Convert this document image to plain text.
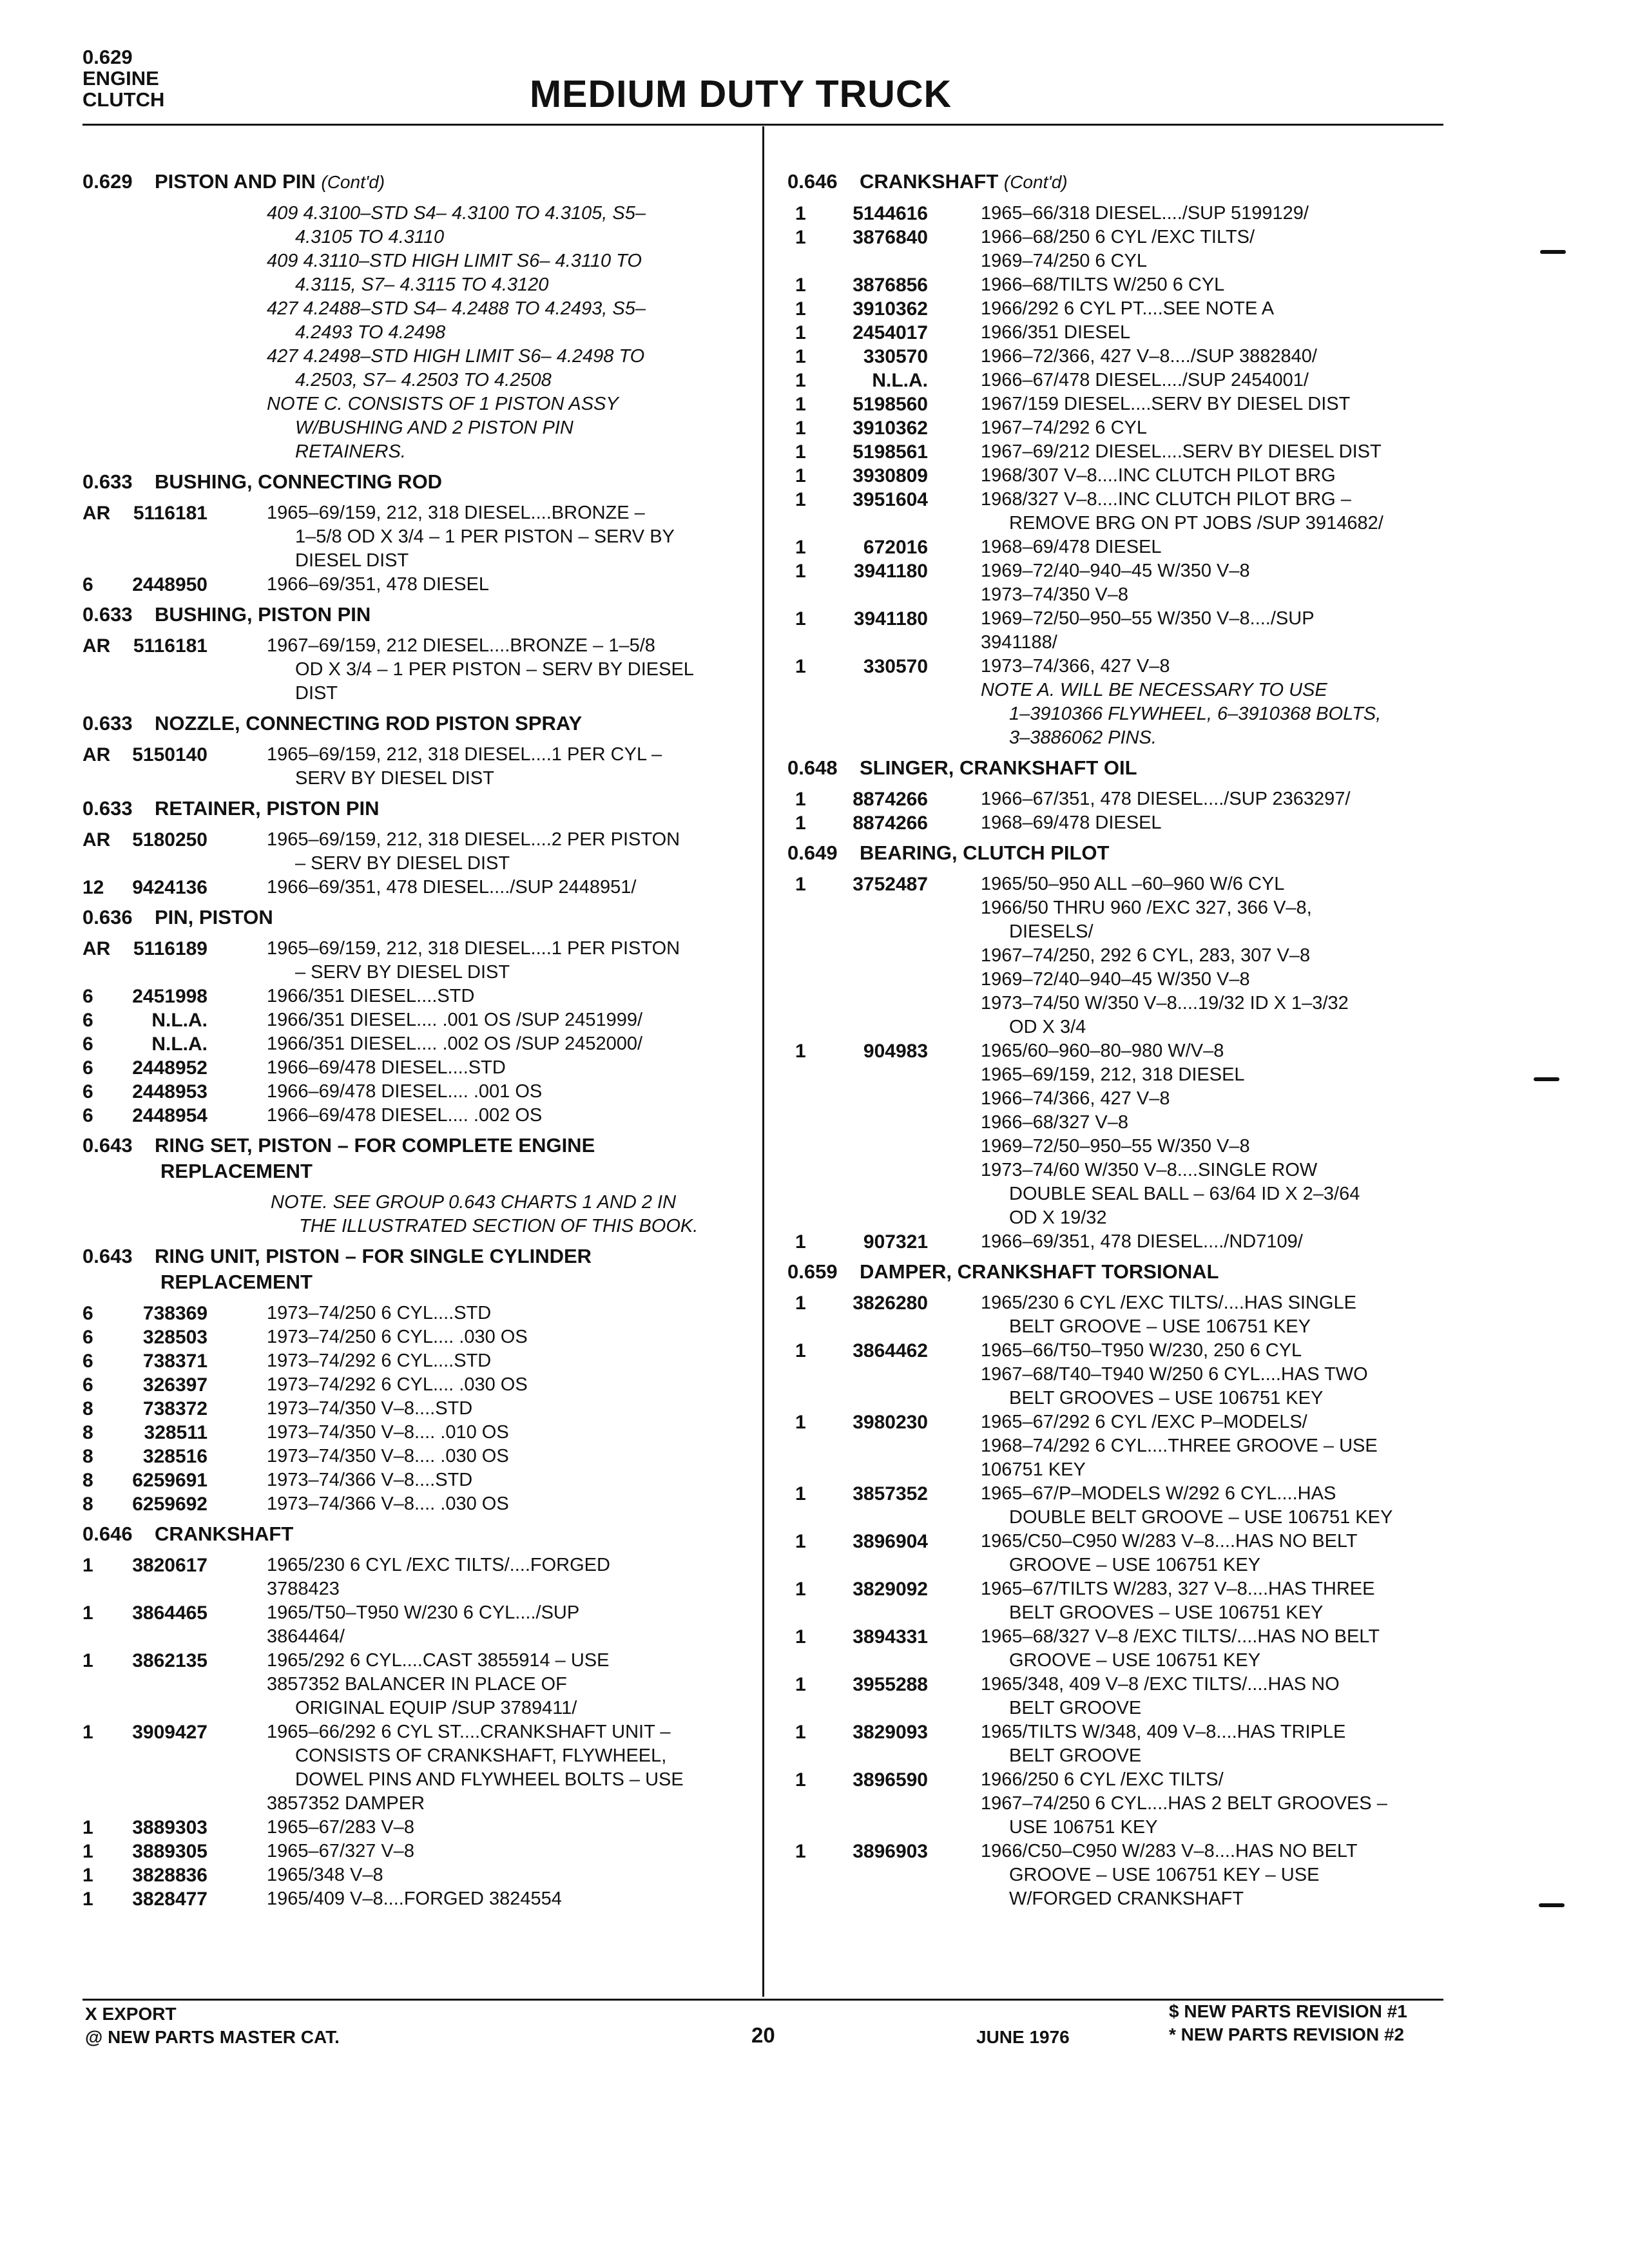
0.629
ENGINE
CLUTCH	MEDIUM DUTY TRUCK
0.629 PISTON AND PIN (Cont'd)
409 4.3100–STD S4– 4.3100 TO 4.3105, S5–
4.3105 TO 4.3110
409 4.3110–STD HIGH LIMIT S6– 4.3110 TO
4.3115, S7– 4.3115 TO 4.3120
427 4.2488–STD S4– 4.2488 TO 4.2493, S5–
4.2493 TO 4.2498
427 4.2498–STD HIGH LIMIT S6– 4.2498 TO
4.2503, S7– 4.2503 TO 4.2508
NOTE C. CONSISTS OF 1 PISTON ASSY
W/BUSHING AND 2 PISTON PIN
RETAINERS.
0.633 BUSHING, CONNECTING ROD
AR	5116181	1965–69/159, 212, 318 DIESEL....BRONZE –
1–5/8 OD X 3/4 – 1 PER PISTON – SERV BY
DIESEL DIST
6	2448950	1966–69/351, 478 DIESEL
0.633 BUSHING, PISTON PIN
AR	5116181	1967–69/159, 212 DIESEL....BRONZE – 1–5/8
OD X 3/4 – 1 PER PISTON – SERV BY DIESEL
DIST
0.633 NOZZLE, CONNECTING ROD PISTON SPRAY
AR	5150140	1965–69/159, 212, 318 DIESEL....1 PER CYL –
SERV BY DIESEL DIST
0.633 RETAINER, PISTON PIN
AR	5180250	1965–69/159, 212, 318 DIESEL....2 PER PISTON
– SERV BY DIESEL DIST
12	9424136	1966–69/351, 478 DIESEL..../SUP 2448951/
0.636 PIN, PISTON
AR	5116189	1965–69/159, 212, 318 DIESEL....1 PER PISTON
– SERV BY DIESEL DIST
6	2451998	1966/351 DIESEL....STD
6	N.L.A.	1966/351 DIESEL.... .001 OS /SUP 2451999/
6	N.L.A.	1966/351 DIESEL.... .002 OS /SUP 2452000/
6	2448952	1966–69/478 DIESEL....STD
6	2448953	1966–69/478 DIESEL.... .001 OS
6	2448954	1966–69/478 DIESEL.... .002 OS
0.643 RING SET, PISTON – FOR COMPLETE ENGINE
REPLACEMENT
NOTE. SEE GROUP 0.643 CHARTS 1 AND 2 IN
THE ILLUSTRATED SECTION OF THIS BOOK.
0.643 RING UNIT, PISTON – FOR SINGLE CYLINDER
REPLACEMENT
6	738369	1973–74/250 6 CYL....STD
6	328503	1973–74/250 6 CYL.... .030 OS
6	738371	1973–74/292 6 CYL....STD
6	326397	1973–74/292 6 CYL.... .030 OS
8	738372	1973–74/350 V–8....STD
8	328511	1973–74/350 V–8.... .010 OS
8	328516	1973–74/350 V–8.... .030 OS
8	6259691	1973–74/366 V–8....STD
8	6259692	1973–74/366 V–8.... .030 OS
0.646 CRANKSHAFT
1	3820617	1965/230 6 CYL /EXC TILTS/....FORGED
3788423
1	3864465	1965/T50–T950 W/230 6 CYL..../SUP
3864464/
1	3862135	1965/292 6 CYL....CAST 3855914 – USE
3857352 BALANCER IN PLACE OF
ORIGINAL EQUIP /SUP 3789411/
1	3909427	1965–66/292 6 CYL ST....CRANKSHAFT UNIT –
CONSISTS OF CRANKSHAFT, FLYWHEEL,
DOWEL PINS AND FLYWHEEL BOLTS – USE
3857352 DAMPER
1	3889303	1965–67/283 V–8
1	3889305	1965–67/327 V–8
1	3828836	1965/348 V–8
1	3828477	1965/409 V–8....FORGED 3824554
0.646 CRANKSHAFT (Cont'd)
1	5144616	1965–66/318 DIESEL..../SUP 5199129/
1	3876840	1966–68/250 6 CYL /EXC TILTS/
1969–74/250 6 CYL
1	3876856	1966–68/TILTS W/250 6 CYL
1	3910362	1966/292 6 CYL PT....SEE NOTE A
1	2454017	1966/351 DIESEL
1	330570	1966–72/366, 427 V–8..../SUP 3882840/
1	N.L.A.	1966–67/478 DIESEL..../SUP 2454001/
1	5198560	1967/159 DIESEL....SERV BY DIESEL DIST
1	3910362	1967–74/292 6 CYL
1	5198561	1967–69/212 DIESEL....SERV BY DIESEL DIST
1	3930809	1968/307 V–8....INC CLUTCH PILOT BRG
1	3951604	1968/327 V–8....INC CLUTCH PILOT BRG –
REMOVE BRG ON PT JOBS /SUP 3914682/
1	672016	1968–69/478 DIESEL
1	3941180	1969–72/40–940–45 W/350 V–8
1973–74/350 V–8
1	3941180	1969–72/50–950–55 W/350 V–8..../SUP
3941188/
1	330570	1973–74/366, 427 V–8
NOTE A. WILL BE NECESSARY TO USE
1–3910366 FLYWHEEL, 6–3910368 BOLTS,
3–3886062 PINS.
0.648 SLINGER, CRANKSHAFT OIL
1	8874266	1966–67/351, 478 DIESEL..../SUP 2363297/
1	8874266	1968–69/478 DIESEL
0.649 BEARING, CLUTCH PILOT
1	3752487	1965/50–950 ALL –60–960 W/6 CYL
1966/50 THRU 960 /EXC 327, 366 V–8,
DIESELS/
1967–74/250, 292 6 CYL, 283, 307 V–8
1969–72/40–940–45 W/350 V–8
1973–74/50 W/350 V–8....19/32 ID X 1–3/32
OD X 3/4
1	904983	1965/60–960–80–980 W/V–8
1965–69/159, 212, 318 DIESEL
1966–74/366, 427 V–8
1966–68/327 V–8
1969–72/50–950–55 W/350 V–8
1973–74/60 W/350 V–8....SINGLE ROW
DOUBLE SEAL BALL – 63/64 ID X 2–3/64
OD X 19/32
1	907321	1966–69/351, 478 DIESEL..../ND7109/
0.659 DAMPER, CRANKSHAFT TORSIONAL
1	3826280	1965/230 6 CYL /EXC TILTS/....HAS SINGLE
BELT GROOVE – USE 106751 KEY
1	3864462	1965–66/T50–T950 W/230, 250 6 CYL
1967–68/T40–T940 W/250 6 CYL....HAS TWO
BELT GROOVES – USE 106751 KEY
1	3980230	1965–67/292 6 CYL /EXC P–MODELS/
1968–74/292 6 CYL....THREE GROOVE – USE
106751 KEY
1	3857352	1965–67/P–MODELS W/292 6 CYL....HAS
DOUBLE BELT GROOVE – USE 106751 KEY
1	3896904	1965/C50–C950 W/283 V–8....HAS NO BELT
GROOVE – USE 106751 KEY
1	3829092	1965–67/TILTS W/283, 327 V–8....HAS THREE
BELT GROOVES – USE 106751 KEY
1	3894331	1965–68/327 V–8 /EXC TILTS/....HAS NO BELT
GROOVE – USE 106751 KEY
1	3955288	1965/348, 409 V–8 /EXC TILTS/....HAS NO
BELT GROOVE
1	3829093	1965/TILTS W/348, 409 V–8....HAS TRIPLE
BELT GROOVE
1	3896590	1966/250 6 CYL /EXC TILTS/
1967–74/250 6 CYL....HAS 2 BELT GROOVES –
USE 106751 KEY
1	3896903	1966/C50–C950 W/283 V–8....HAS NO BELT
GROOVE – USE 106751 KEY – USE
W/FORGED CRANKSHAFT
X EXPORT
@ NEW PARTS MASTER CAT.	20	JUNE 1976
$ NEW PARTS REVISION #1
* NEW PARTS REVISION #2
